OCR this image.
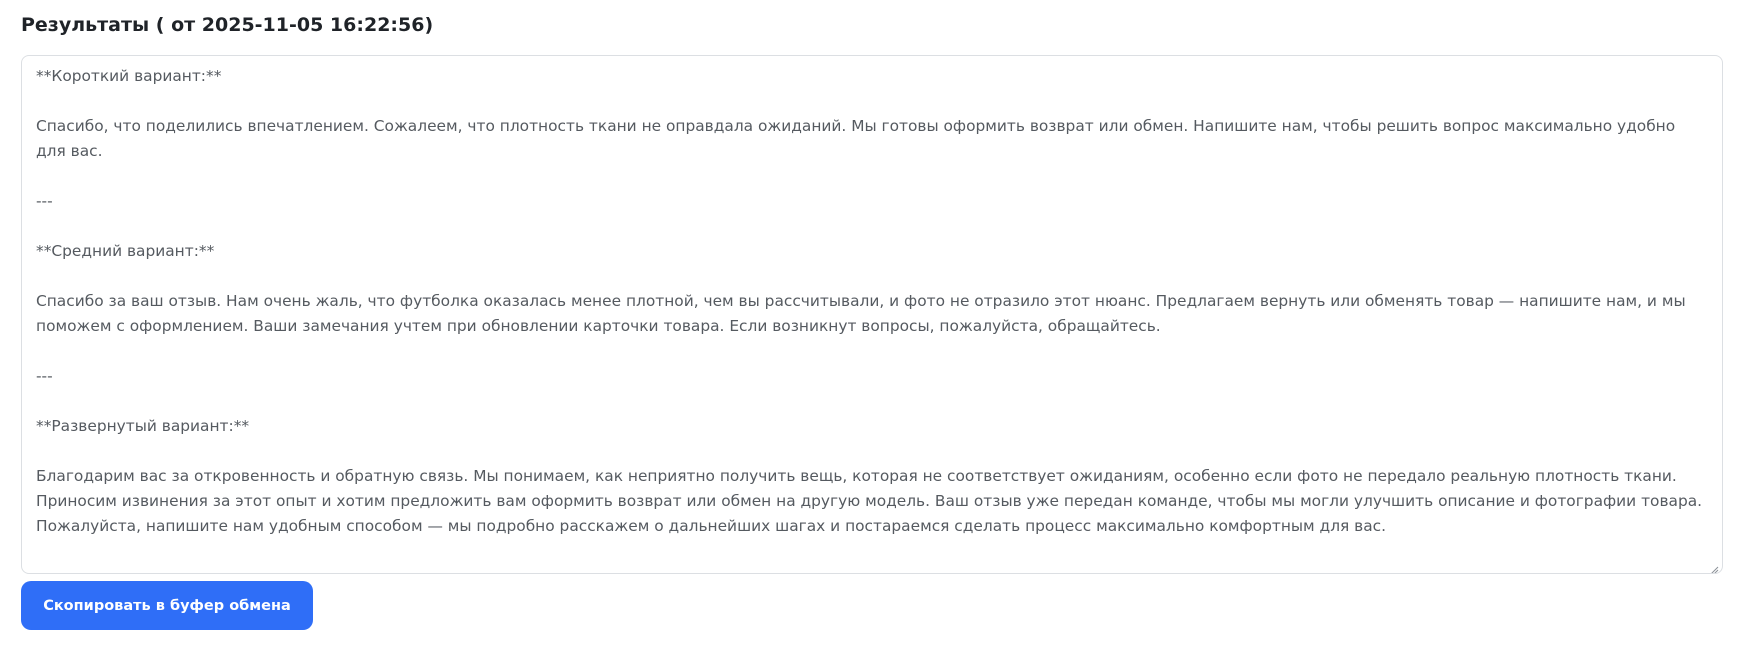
Результаты ( от 2025-11-05 16:22:56)
**Короткий вариант:**

Спасибо, что поделились впечатлением. Сожалеем, что плотность ткани не оправдала ожиданий. Мы готовы оформить возврат или обмен. Напишите нам, чтобы решить вопрос максимально удобно для вас.

---

**Средний вариант:**

Спасибо за ваш отзыв. Нам очень жаль, что футболка оказалась менее плотной, чем вы рассчитывали, и фото не отразило этот нюанс. Предлагаем вернуть или обменять товар — напишите нам, и мы поможем с оформлением. Ваши замечания учтем при обновлении карточки товара. Если возникнут вопросы, пожалуйста, обращайтесь.

---

**Развернутый вариант:**

Благодарим вас за откровенность и обратную связь. Мы понимаем, как неприятно получить вещь, которая не соответствует ожиданиям, особенно если фото не передало реальную плотность ткани. Приносим извинения за этот опыт и хотим предложить вам оформить возврат или обмен на другую модель. Ваш отзыв уже передан команде, чтобы мы могли улучшить описание и фотографии товара. Пожалуйста, напишите нам удобным способом — мы подробно расскажем о дальнейших шагах и постараемся сделать процесс максимально комфортным для вас.
Скопировать в буфер обмена
